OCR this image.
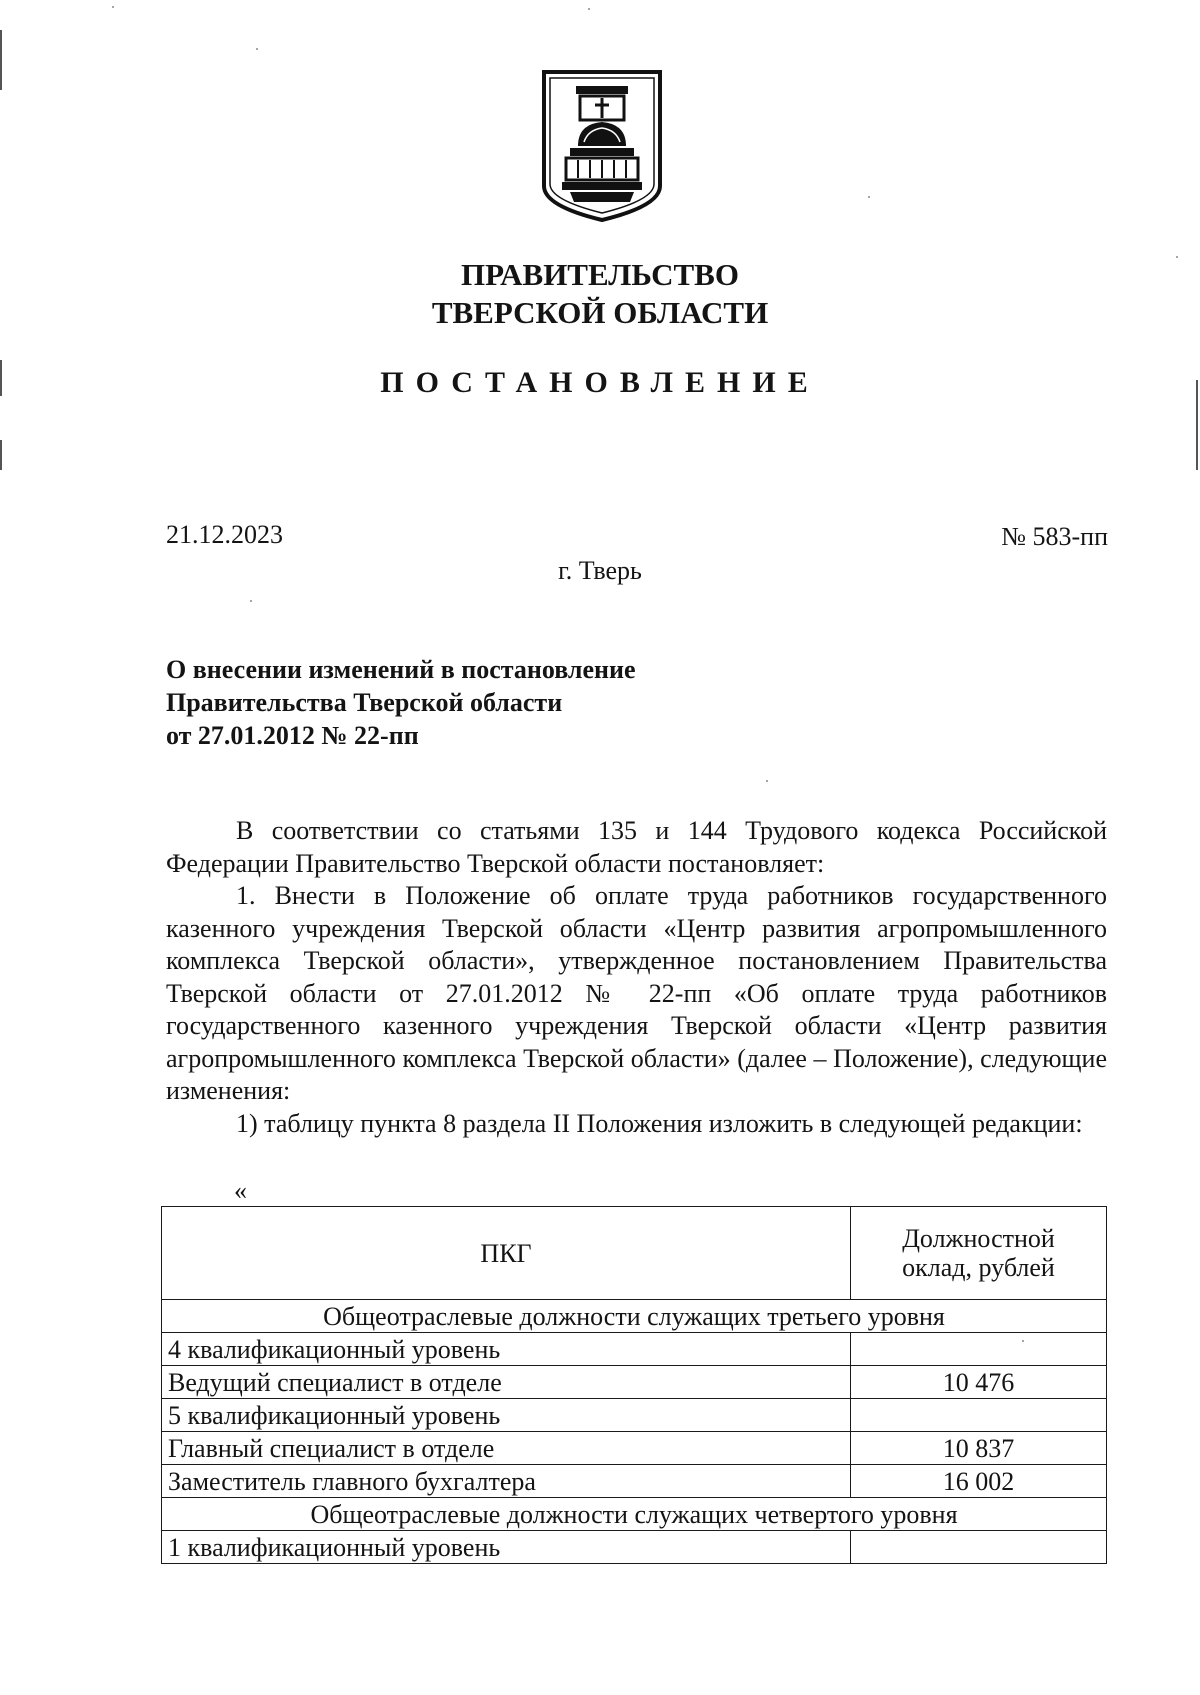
ПРАВИТЕЛЬСТВО
ТВЕРСКОЙ ОБЛАСТИ
ПОСТАНОВЛЕНИЕ
21.12.2023	№ 583-пп
г. Тверь
О внесении изменений в постановление
Правительства Тверской области
от 27.01.2012 № 22-пп

В соответствии со статьями 135 и 144 Трудового кодекса Российской Федерации Правительство Тверской области постановляет:

1. Внести в Положение об оплате труда работников государственного казенного учреждения Тверской области «Центр развития агропромышленного комплекса Тверской области», утвержденное постановлением Правительства Тверской области от 27.01.2012 № 22-пп «Об оплате труда работников государственного казенного учреждения Тверской области «Центр развития агропромышленного комплекса Тверской области» (далее – Положение), следующие изменения:

1) таблицу пункта 8 раздела II Положения изложить в следующей редакции:

«
ПКГ	Должностной
оклад, рублей

Общеотраслевые должности служащих третьего уровня	
4 квалификационный уровень	
Ведущий специалист в отделе	10 476
5 квалификационный уровень	
Главный специалист в отделе	10 837
Заместитель главного бухгалтера	16 002
Общеотраслевые должности служащих четвертого уровня	
1 квалификационный уровень	
